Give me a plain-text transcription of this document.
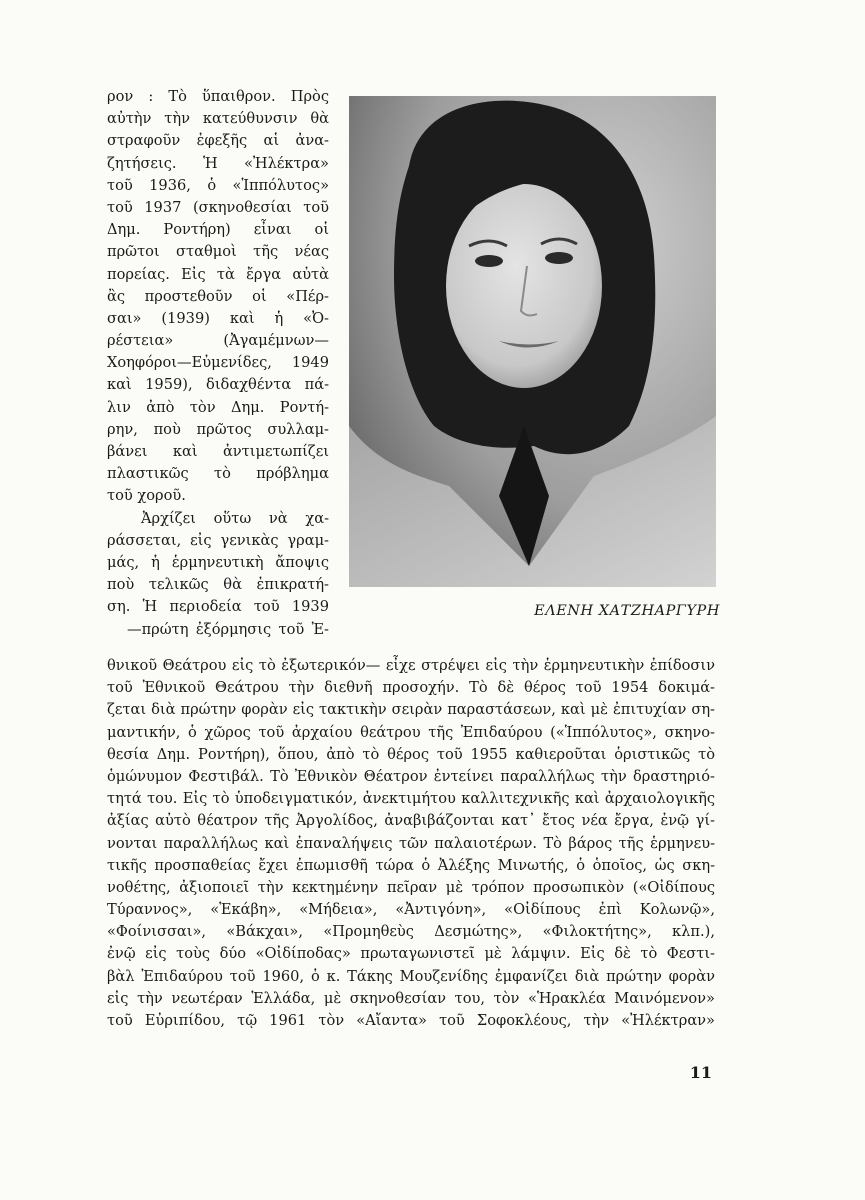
ρον : Τὸ ὕπαιθρον. Πρὸς
αὐτὴν τὴν κατεύθυνσιν θὰ
στραφοῦν ἐφεξῆς αἱ ἀνα-
ζητήσεις. Ἡ «Ἠλέκτρα»
τοῦ 1936, ὁ «Ἱππόλυτος»
τοῦ 1937 (σκηνοθεσίαι τοῦ
Δημ. Ροντήρη) εἶναι οἱ
πρῶτοι σταθμοὶ τῆς νέας
πορείας. Εἰς τὰ ἔργα αὐτὰ
ἂς προστεθοῦν οἱ «Πέρ-
σαι» (1939) καὶ ἡ «Ὀ-
ρέστεια» (Ἀγαμέμνων—
Χοηφόροι—Εὐμενίδες, 1949
καὶ 1959), διδαχθέντα πά-
λιν ἀπὸ τὸν Δημ. Ροντή-
ρην, ποὺ πρῶτος συλλαμ-
βάνει καὶ ἀντιμετωπίζει
πλαστικῶς τὸ πρόβλημα
τοῦ χοροῦ.
Ἀρχίζει οὕτω νὰ χα-
ράσσεται, εἰς γενικὰς γραμ-
μάς, ἡ ἑρμηνευτικὴ ἄποψις
ποὺ τελικῶς θὰ ἐπικρατή-
ση. Ἡ περιοδεία τοῦ 1939
—πρώτη ἐξόρμησις τοῦ Ἐ-
ΕΛΕΝΗ ΧΑΤΖΗΑΡΓΥΡΗ
θνικοῦ Θεάτρου εἰς τὸ ἐξωτερικόν— εἶχε στρέψει εἰς τὴν ἑρμηνευτικὴν ἐπίδοσιν
τοῦ Ἐθνικοῦ Θεάτρου τὴν διεθνῆ προσοχήν. Τὸ δὲ θέρος τοῦ 1954 δοκιμά-
ζεται διὰ πρώτην φορὰν εἰς τακτικὴν σειρὰν παραστάσεων, καὶ μὲ ἐπιτυχίαν ση-
μαντικήν, ὁ χῶρος τοῦ ἀρχαίου θεάτρου τῆς Ἐπιδαύρου («Ἱππόλυτος», σκηνο-
θεσία Δημ. Ροντήρη), ὅπου, ἀπὸ τὸ θέρος τοῦ 1955 καθιεροῦται ὁριστικῶς τὸ
ὁμώνυμον Φεστιβάλ. Τὸ Ἐθνικὸν Θέατρον ἐντείνει παραλλήλως τὴν δραστηριό-
τητά του. Εἰς τὸ ὑποδειγματικόν, ἀνεκτιμήτου καλλιτεχνικῆς καὶ ἀρχαιολογικῆς
ἀξίας αὐτὸ θέατρον τῆς Ἀργολίδος, ἀναβιβάζονται κατ᾽ ἔτος νέα ἔργα, ἐνῷ γί-
νονται παραλλήλως καὶ ἐπαναλήψεις τῶν παλαιοτέρων. Τὸ βάρος τῆς ἑρμηνευ-
τικῆς προσπαθείας ἔχει ἐπωμισθῆ τώρα ὁ Ἀλέξης Μινωτής, ὁ ὁποῖος, ὡς σκη-
νοθέτης, ἀξιοποιεῖ τὴν κεκτημένην πεῖραν μὲ τρόπον προσωπικὸν («Οἰδίπους
Τύραννος», «Ἑκάβη», «Μήδεια», «Ἀντιγόνη», «Οἰδίπους ἐπὶ Κολωνῷ»,
«Φοίνισσαι», «Βάκχαι», «Προμηθεὺς Δεσμώτης», «Φιλοκτήτης», κλπ.),
ἐνῷ εἰς τοὺς δύο «Οἰδίποδας» πρωταγωνιστεῖ μὲ λάμψιν. Εἰς δὲ τὸ Φεστι-
βὰλ Ἐπιδαύρου τοῦ 1960, ὁ κ. Τάκης Μουζενίδης ἐμφανίζει διὰ πρώτην φορὰν
εἰς τὴν νεωτέραν Ἑλλάδα, μὲ σκηνοθεσίαν του, τὸν «Ἡρακλέα Μαινόμενον»
τοῦ Εὐριπίδου, τῷ 1961 τὸν «Αἴαντα» τοῦ Σοφοκλέους, τὴν «Ἠλέκτραν»
11
